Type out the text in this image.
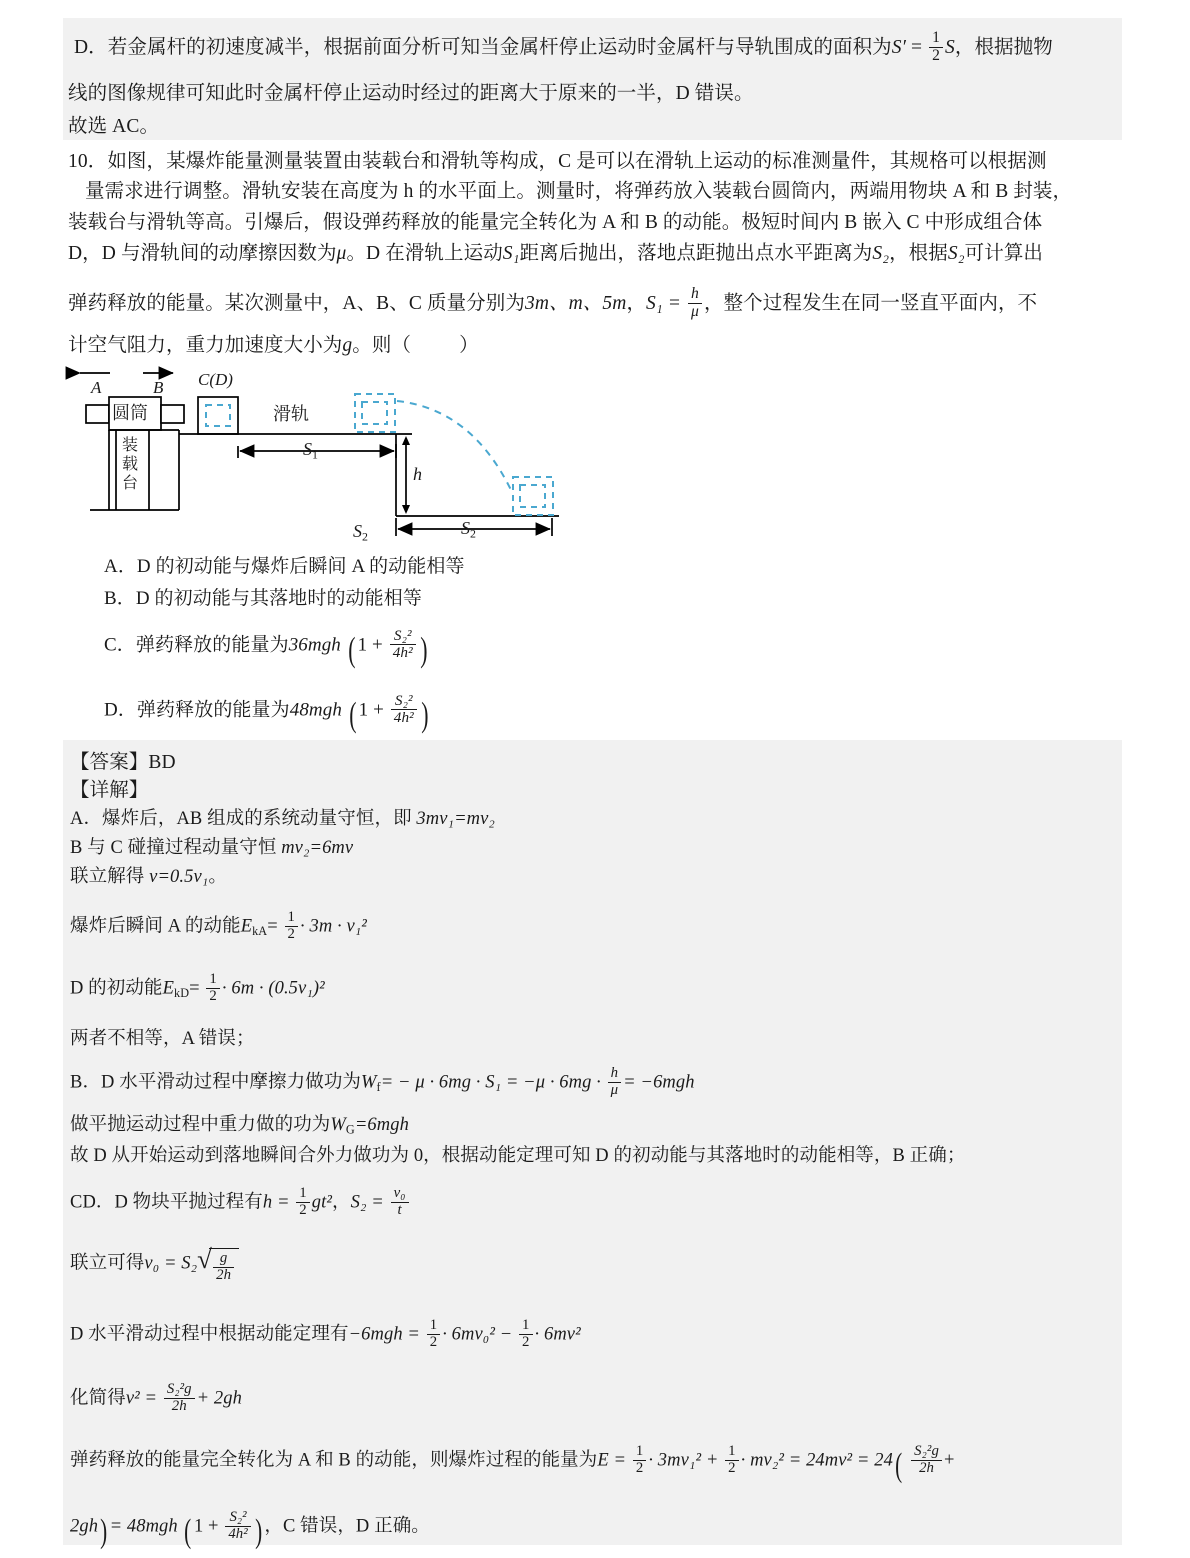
D．若金属杆的初速度减半，根据前面分析可知当金属杆停止运动时金属杆与导轨围成的面积为$S' = \frac{1}{2}$ S，根据抛物
线的图像规律可知此时金属杆停止运动时经过的距离大于原来的一半，D 错误。
故选 AC。
10．如图，某爆炸能量测量装置由装载台和滑轨等构成，C 是可以在滑轨上运动的标准测量件，其规格可以根据测
量需求进行调整。滑轨安装在高度为 h 的水平面上。测量时，将弹药放入装载台圆筒内，两端用物块 A 和 B 封装，
装载台与滑轨等高。引爆后，假设弹药释放的能量完全转化为 A 和 B 的动能。极短时间内 B 嵌入 C 中形成组合体
D，D 与滑轨间的动摩擦因数为μ。D 在滑轨上运动S₁距离后抛出，落地点距抛出点水平距离为S₂，根据S₂可计算出
弹药释放的能量。某次测量中，A、B、C 质量分别为3m、m、5m，$S_1 = \frac{h}{\mu}$ ，整个过程发生在同一竖直平面内，不
计空气阻力，重力加速度大小为g。则（ ）
A．D 的初动能与爆炸后瞬间 A 的动能相等
B．D 的初动能与其落地时的动能相等
C．弹药释放的能量为36mgh ( $1 + \frac{\text{S₂²}}{\text{4h²}}$ )
D．弹药释放的能量为48mgh ( $1 + \frac{\text{S₂²}}{\text{4h²}}$ )
【答案】BD
【详解】
A．爆炸后，AB 组成的系统动量守恒，即 3mv₁=mv₂
B 与 C 碰撞过程动量守恒 mv₂=6mv
联立解得 v=0.5v₁。
爆炸后瞬间 A 的动能$EkA= \frac{1}{2} \cdot 3m \cdot v_1^2$
D 的初动能$EkD= \frac{1}{2} \cdot 6m \cdot (0.5v_1)^2$
两者不相等，A 错误；
B．D 水平滑动过程中摩擦力做功为$Wf= - \mu \cdot 6mg \cdot S_1 = -\mu \cdot 6mg \cdot \frac{h}{\mu} = -6mgh$
做平抛运动过程中重力做的功为WG=6mgh
故 D 从开始运动到落地瞬间合外力做功为 0，根据动能定理可知 D 的初动能与其落地时的动能相等，B 正确；
CD．D 物块平抛过程有$h = \frac{1}{2} gt^2$，$S_2 = \frac{\text{v₀}}{t}$
联立可得v₀ = S₂ √ $\frac{g}{2h}$
D 水平滑动过程中根据动能定理有$-6mgh = \frac{1}{2} \cdot 6mv_0^2 - \frac{1}{2} \cdot 6mv^2$
化简得$v^2 = \frac{\text{S₂²g}}{2h} + 2gh$
弹药释放的能量完全转化为 A 和 B 的动能，则爆炸过程的能量为$E = \frac{1}{2} \cdot 3mv_1^2 + \frac{1}{2} \cdot mv_2^2 = 24mv^2 = 24( \frac{\text{S₂²g}}{2h}$ +
2gh) = 48mgh ( $1 + \frac{\text{S₂²}}{\text{4h²}}$ ) ，C 错误，D 正确。
A	B C(D)
圆筒
装载台
滑轨
S1
h
S2	S2
